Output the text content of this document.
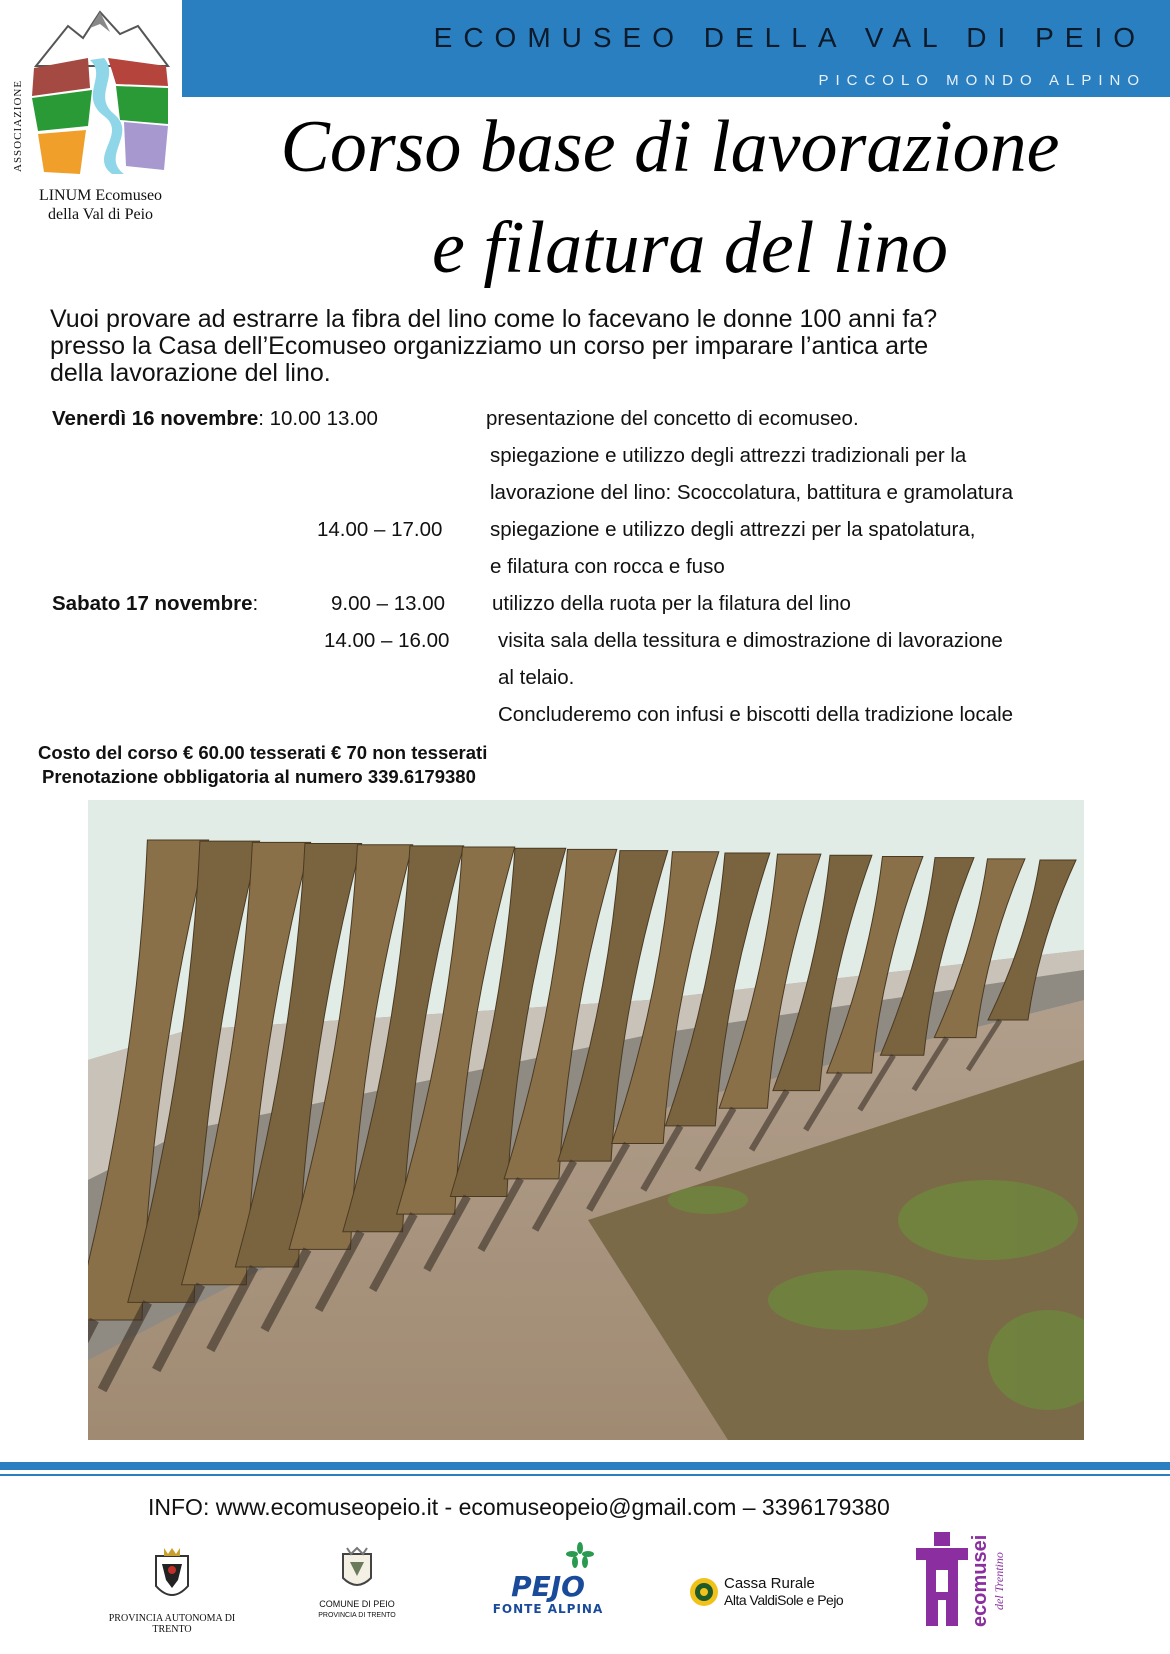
ASSOCIAZIONE
LINUM Ecomuseo
della Val di Peio
ECOMUSEO DELLA VAL DI PEIO
PICCOLO MONDO ALPINO
Corso base di lavorazione
e filatura del lino
Vuoi provare ad estrarre la fibra del lino come lo facevano le donne 100 anni fa?
presso la Casa dell’Ecomuseo organizziamo un corso per imparare l’antica arte
della lavorazione del lino.
Venerdì 16 novembre: 10.00 13.00	presentazione del concetto di ecomuseo.
spiegazione e utilizzo degli attrezzi tradizionali per la
lavorazione del lino: Scoccolatura, battitura e gramolatura
14.00 – 17.00 spiegazione e utilizzo degli attrezzi per la spatolatura,
e filatura con rocca e fuso
Sabato 17 novembre:	9.00 – 13.00 utilizzo della ruota per la filatura del lino
14.00 – 16.00 visita sala della tessitura e dimostrazione di lavorazione
al telaio.
Concluderemo con infusi e biscotti della tradizione locale
Costo del corso € 60.00 tesserati € 70 non tesserati
Prenotazione obbligatoria al numero 339.6179380
INFO: www.ecomuseopeio.it - ecomuseopeio@gmail.com – 3396179380
PROVINCIA AUTONOMA DI TRENTO
COMUNE DI PEIO
PROVINCIA DI TRENTO
PEJO
FONTE ALPINA
Cassa Rurale
Alta ValdiSole e Pejo	ecomusei del Trentino
